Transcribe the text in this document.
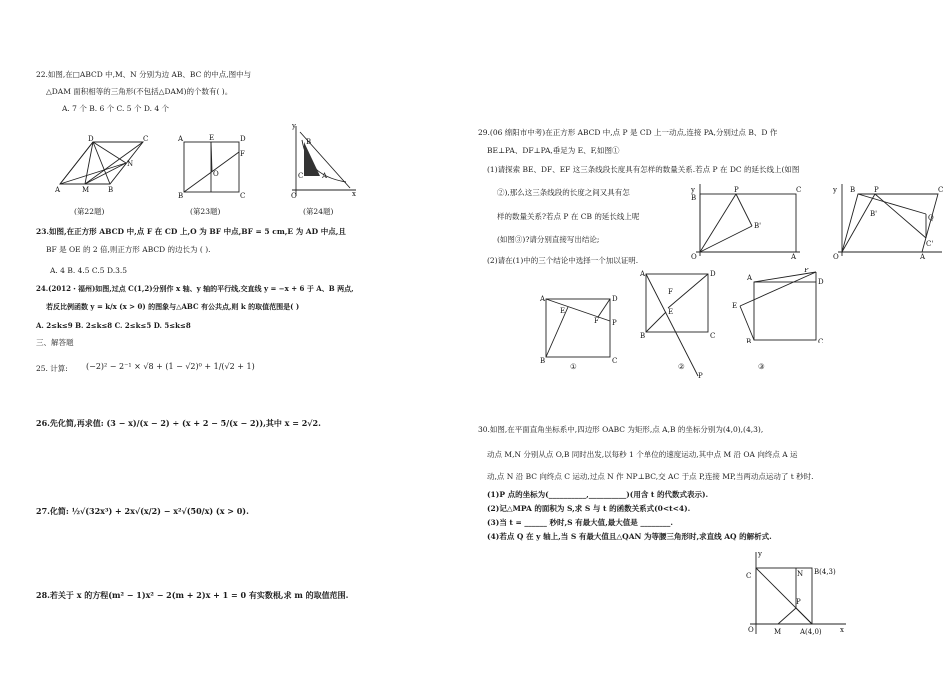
22.如图,在□ABCD 中,M、N 分别为边 AB、BC 的中点,图中与
△DAM 面积相等的三角形(不包括△DAM)的个数有( )。
A. 7 个 B. 6 个 C. 5 个 D. 4 个
D	C
N
A	M	B
(第22题)
A	E	D
F
O
B	C
(第23题)
y
x
O
B
C	A
(第24题)
23.如图,在正方形 ABCD 中,点 F 在 CD 上,O 为 BF 中点,BF = 5 cm,E 为 AD 中点,且
BF 是 OE 的 2 倍,则正方形 ABCD 的边长为 ( ).
A. 4 B. 4.5 C.5 D.3.5
24.(2012・福州)如图,过点 C(1,2)分别作 x 轴、y 轴的平行线,交直线 y = −x + 6 于 A、B 两点,
若反比例函数 y = k/x (x > 0) 的图象与△ABC 有公共点,则 k 的取值范围是( )
A. 2≤k≤9 B. 2≤k≤8 C. 2≤k≤5 D. 5≤k≤8
三、解答题
25. 计算: (−2)² − 2⁻¹ × √8 + (1 − √2)⁰ + 1/(√2 + 1)
26.先化简,再求值: (3 − x)/(x − 2) ÷ (x + 2 − 5/(x − 2)),其中 x = 2√2.
27.化简: ½√(32x³) + 2x√(x/2) − x²√(50/x) (x > 0).
28.若关于 x 的方程(m² − 1)x² − 2(m + 2)x + 1 = 0 有实数根,求 m 的取值范围.
29.(06 绵阳市中考)在正方形 ABCD 中,点 P 是 CD 上一动点,连接 PA,分别过点 B、D 作
BE⊥PA、DF⊥PA,垂足为 E、F,如图①
(1)请探索 BE、DF、EF 这三条线段长度具有怎样的数量关系.若点 P 在 DC 的延长线上(如图
②),那么这三条线段的长度之间又具有怎
样的数量关系?若点 P 在 CB 的延长线上呢
(如图③)?请分别直接写出结论;
(2)请在(1)中的三个结论中选择一个加以证明.
y
B
P	C
B'
O	A
y B	P	C
Q
C'
B'
O	A
A	D
E
F P
B	C
A	D
F
E
B	C
P
P
A	D
E
B	C
①	②	③
30.如图,在平面直角坐标系中,四边形 OABC 为矩形,点 A,B 的坐标分别为(4,0),(4,3),
动点 M,N 分别从点 O,B 同时出发,以每秒 1 个单位的速度运动,其中点 M 沿 OA 向终点 A 运
动,点 N 沿 BC 向终点 C 运动,过点 N 作 NP⊥BC,交 AC 于点 P,连接 MP,当两动点运动了 t 秒时.
(1)P 点的坐标为(__________,__________)(用含 t 的代数式表示).
(2)记△MPA 的面积为 S,求 S 与 t 的函数关系式(0<t<4).
(3)当 t = ______ 秒时,S 有最大值,最大值是 ________.
(4)若点 Q 在 y 轴上,当 S 有最大值且△QAN 为等腰三角形时,求直线 AQ 的解析式.
y
C	N
P
O	M	x
B(4,3)
A(4,0)
